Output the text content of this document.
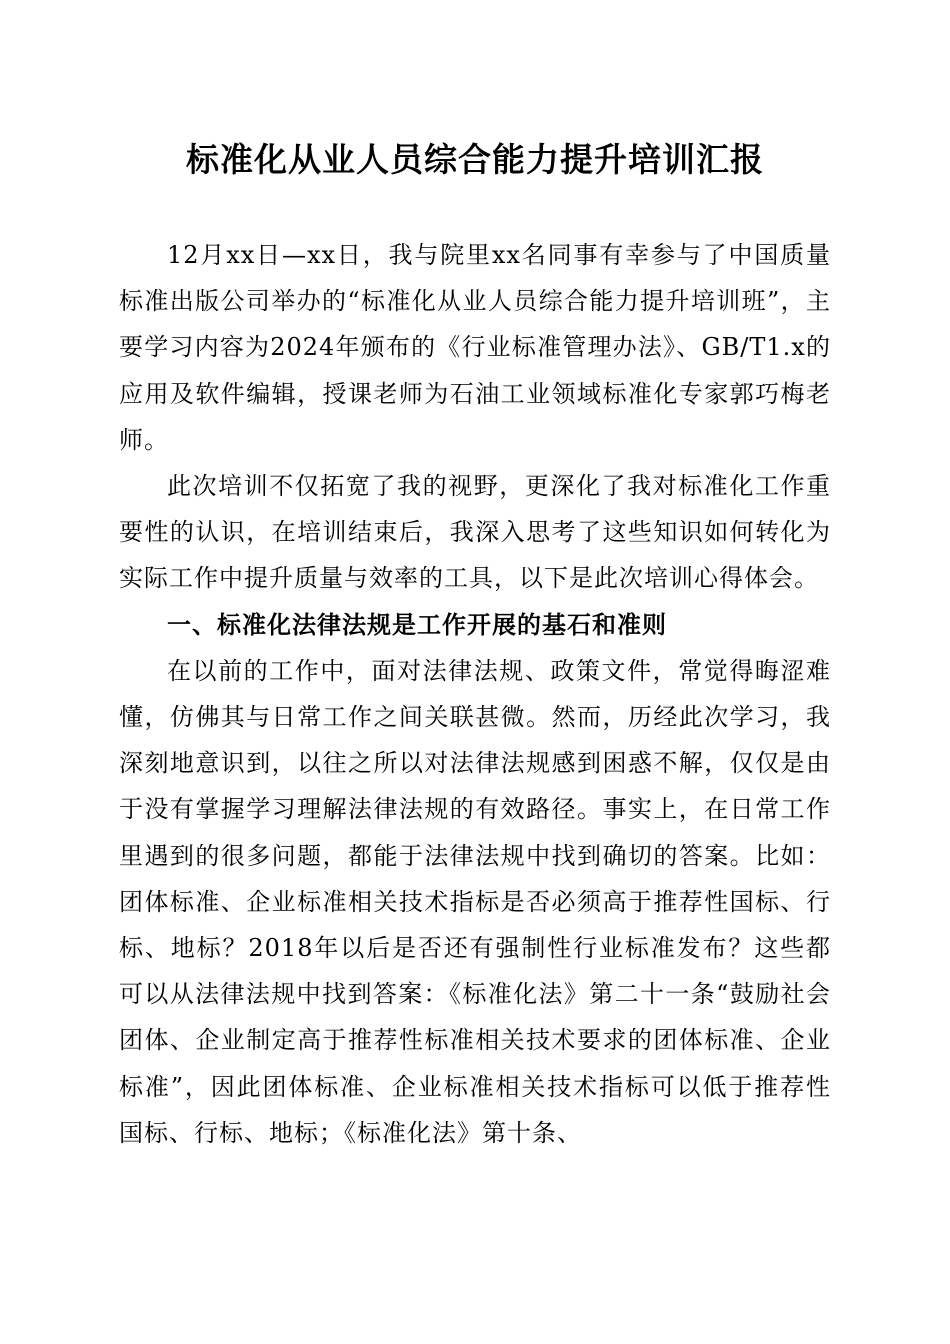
标准化从业人员综合能力提升培训汇报

12月xx日—xx日，我与院里xx名同事有幸参与了中国质量标准出版公司举办的“标准化从业人员综合能力提升培训班”，主要学习内容为2024年颁布的《行业标准管理办法》、GB/T1.x的应用及软件编辑，授课老师为石油工业领域标准化专家郭巧梅老师。

此次培训不仅拓宽了我的视野，更深化了我对标准化工作重要性的认识，在培训结束后，我深入思考了这些知识如何转化为实际工作中提升质量与效率的工具，以下是此次培训心得体会。

一、标准化法律法规是工作开展的基石和准则

在以前的工作中，面对法律法规、政策文件，常觉得晦涩难懂，仿佛其与日常工作之间关联甚微。然而，历经此次学习，我深刻地意识到，以往之所以对法律法规感到困惑不解，仅仅是由于没有掌握学习理解法律法规的有效路径。事实上，在日常工作里遇到的很多问题，都能于法律法规中找到确切的答案。比如：团体标准、企业标准相关技术指标是否必须高于推荐性国标、行标、地标？2018年以后是否还有强制性行业标准发布？这些都可以从法律法规中找到答案：《标准化法》第二十一条“鼓励社会团体、企业制定高于推荐性标准相关技术要求的团体标准、企业标准”，因此团体标准、企业标准相关技术指标可以低于推荐性国标、行标、地标；《标准化法》第十条、
